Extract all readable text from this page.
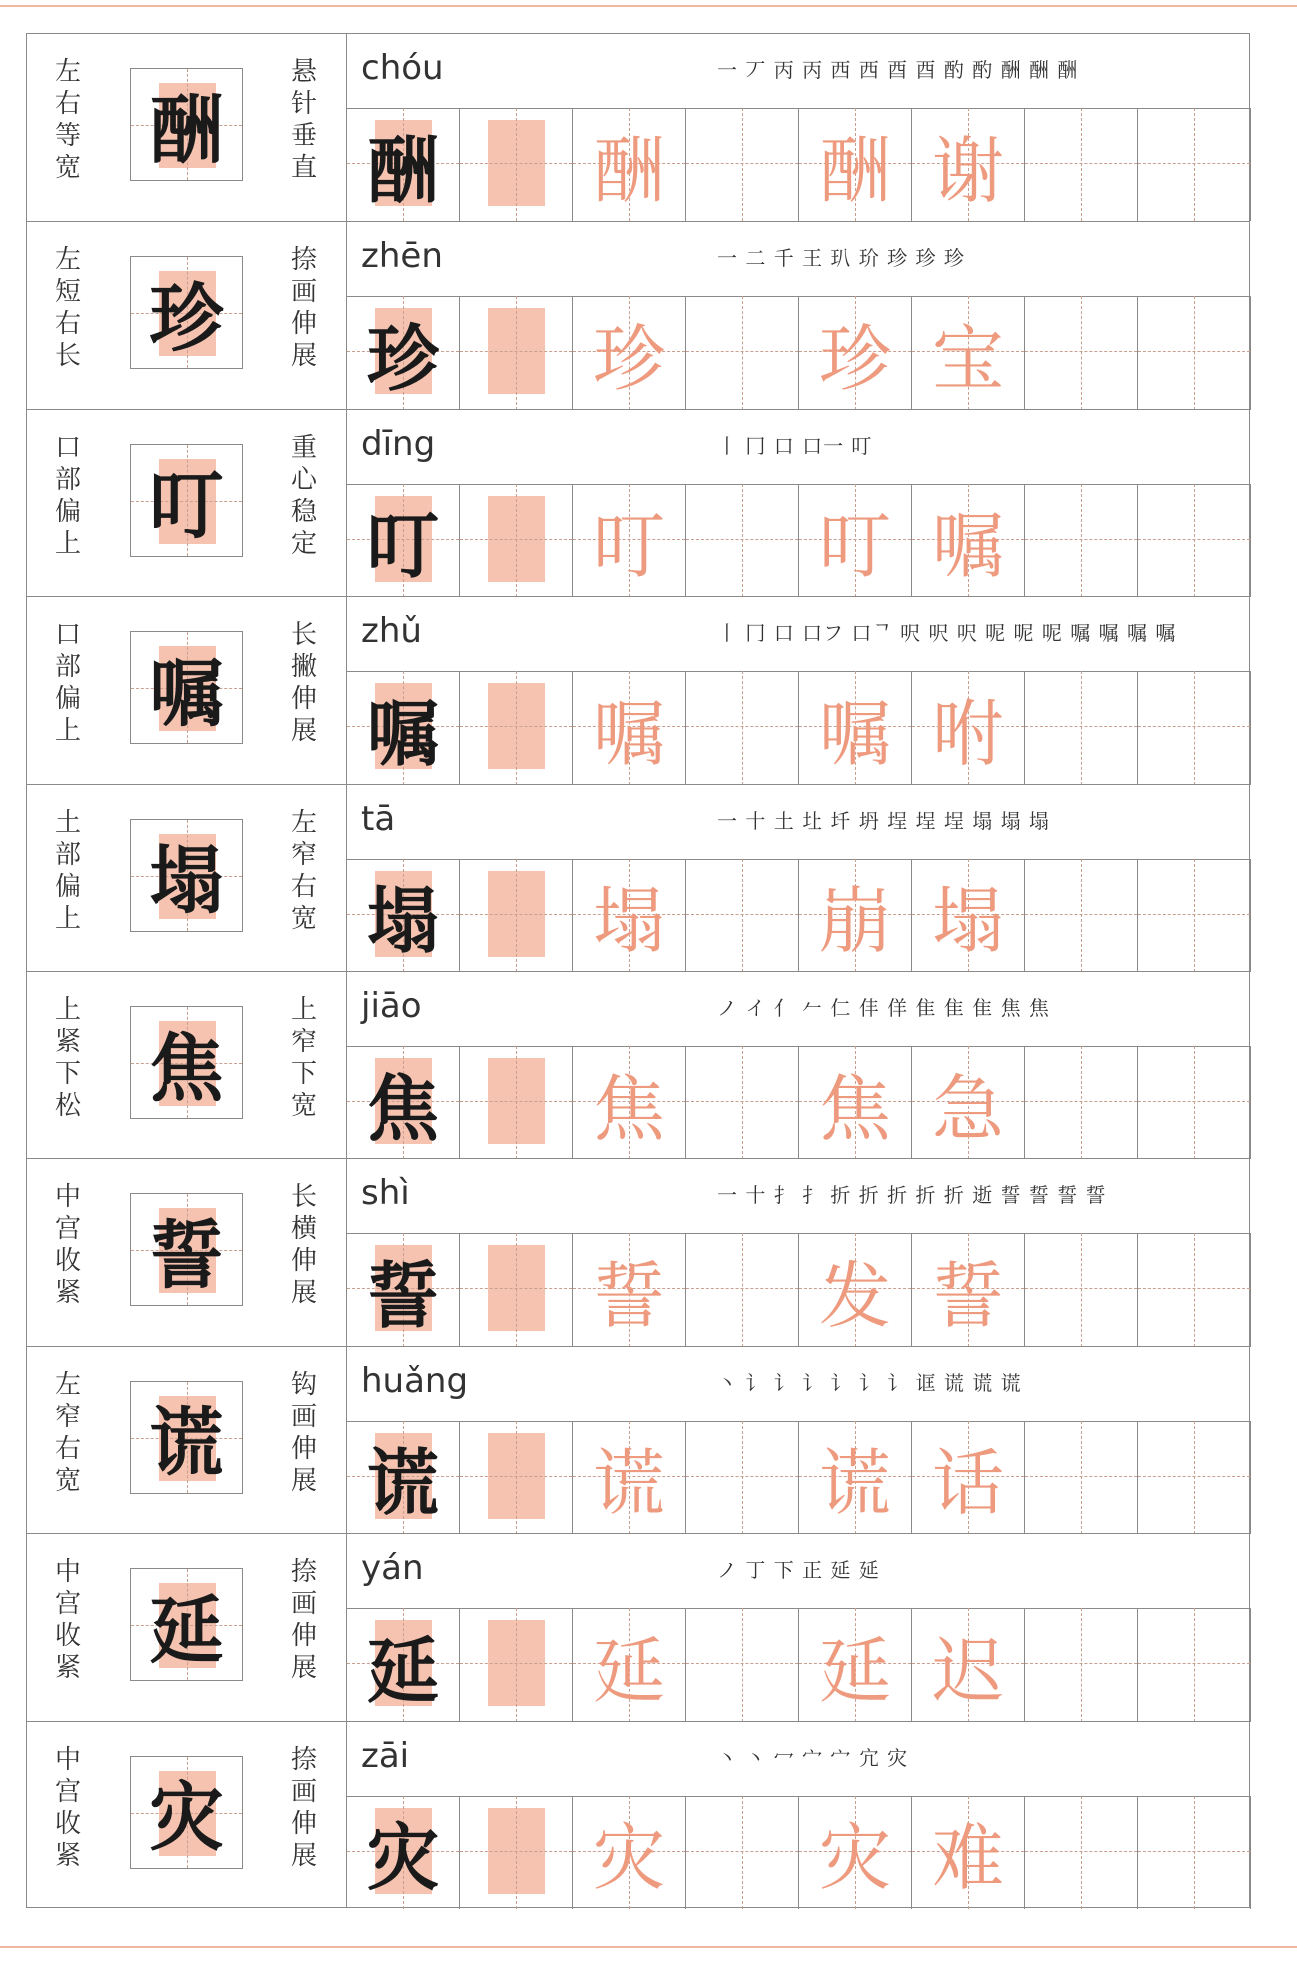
左右等宽
悬针垂直
酬
chóu	一 丆 丙 丙 西 西 酉 酉 酌 酌 酬 酬 酬
酬 酬 酬 谢
左短右长
捺画伸展
珍
zhēn	一 二 千 王 玐 玠 珍 珍 珍
珍 珍 珍 宝
口部偏上
重心稳定
叮
dīng	丨 冂 口 口一 叮
叮 叮 叮 嘱
口部偏上
长撇伸展
嘱
zhǔ	丨 冂 口 口フ 口ᄀ 呎 呎 呎 呢 呢 呢 嘱 嘱 嘱 嘱
嘱 嘱 嘱 咐
土部偏上
左窄右宽
塌
tā	一 十 土 圵 圲 坍 埕 埕 埕 塌 塌 塌
塌 塌 崩 塌
上紧下松
上窄下宽
焦
jiāo	ノ イ 亻 𠂉 仁 仹 佯 隹 隹 隹 焦 焦
焦 焦 焦 急
中宫收紧
长横伸展
誓
shì	一 十 扌 扌 折 折 折 折 折 逝 誓 誓 誓 誓
誓 誓 发 誓
左窄右宽
钩画伸展
谎
huǎng	丶 讠 讠 讠 讠 讠 讠 诓 谎 谎 谎
谎 谎 谎 话
中宫收紧
捺画伸展
延
yán	ノ 丁 下 正 延 延
延 延 延 迟
中宫收紧
捺画伸展
灾
zāi	丶 丶 冖 宀 宀 宂 灾
灾 灾 灾 难
